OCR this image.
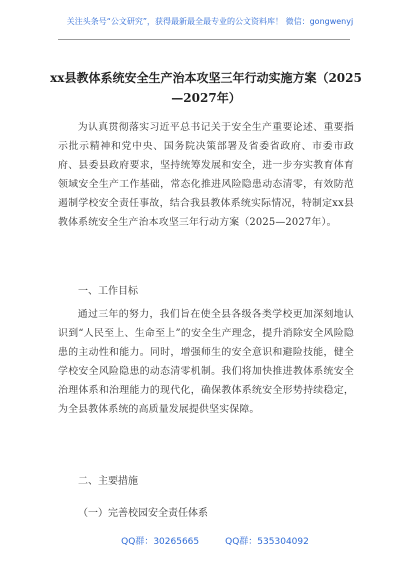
关注头条号“公文研究”，获得最新最全最专业的公文资料库！ 微信：gongwenyj
xx县教体系统安全生产治本攻坚三年行动实施方案（2025
—2027年）

为认真贯彻落实习近平总书记关于安全生产重要论述、重要指示批示精神和党中央、国务院决策部署及省委省政府、市委市政府、县委县政府要求，坚持统筹发展和安全，进一步夯实教育体育领域安全生产工作基础，常态化推进风险隐患动态清零，有效防范遏制学校安全责任事故，结合我县教体系统实际情况，特制定xx县教体系统安全生产治本攻坚三年行动方案（2025—2027年）。

一、工作目标

通过三年的努力，我们旨在使全县各级各类学校更加深刻地认识到“人民至上、生命至上”的安全生产理念，提升消除安全风险隐患的主动性和能力。同时，增强师生的安全意识和避险技能，健全学校安全风险隐患的动态清零机制。我们将加快推进教体系统安全治理体系和治理能力的现代化，确保教体系统安全形势持续稳定，为全县教体系统的高质量发展提供坚实保障。

二、主要措施
（一）完善校园安全责任体系
QQ群：30265665	QQ群：535304092
